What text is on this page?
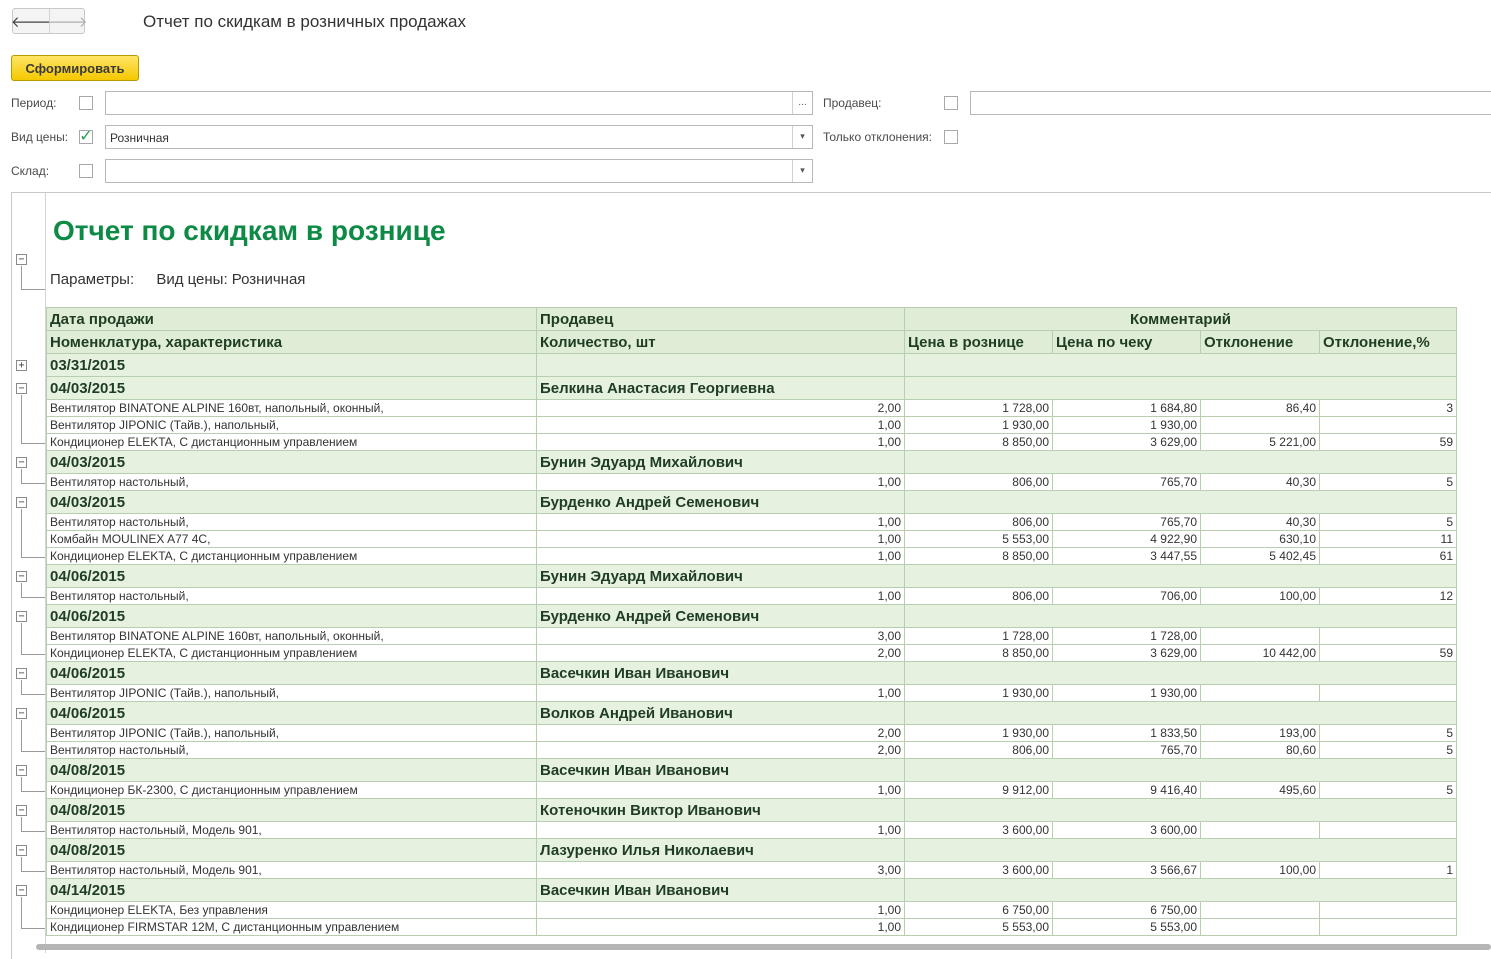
🡐
🡒	Отчет по скидкам в розничных продажах
Сформировать
Период:	...
Вид цены: ✓	Розничная	▾
Склад:	▾
Продавец:
Только отклонения:
Отчет по скидкам в рознице
Параметры: Вид цены: Розничная
−
+
−
−
−
−
−
−
−
−
−
−
−
Дата продажи	Продавец	Комментарий			
Номенклатура, характеристика	Количество, шт	Цена в рознице	Цена по чеку	Отклонение	Отклонение,%
03/31/2015					
04/03/2015	Белкина Анастасия Георгиевна				
Вентилятор BINATONE ALPINE 160вт, напольный, оконный,	2,00	1 728,00	1 684,80	86,40	3
Вентилятор JIPONIC (Тайв.), напольный,	1,00	1 930,00	1 930,00		
Кондиционер ELEKTA, С дистанционным управлением	1,00	8 850,00	3 629,00	5 221,00	59
04/03/2015	Бунин Эдуард Михайлович				
Вентилятор настольный,	1,00	806,00	765,70	40,30	5
04/03/2015	Бурденко Андрей Семенович				
Вентилятор настольный,	1,00	806,00	765,70	40,30	5
Комбайн MOULINEX A77 4C,	1,00	5 553,00	4 922,90	630,10	11
Кондиционер ELEKTA, С дистанционным управлением	1,00	8 850,00	3 447,55	5 402,45	61
04/06/2015	Бунин Эдуард Михайлович				
Вентилятор настольный,	1,00	806,00	706,00	100,00	12
04/06/2015	Бурденко Андрей Семенович				
Вентилятор BINATONE ALPINE 160вт, напольный, оконный,	3,00	1 728,00	1 728,00		
Кондиционер ELEKTA, С дистанционным управлением	2,00	8 850,00	3 629,00	10 442,00	59
04/06/2015	Васечкин Иван Иванович				
Вентилятор JIPONIC (Тайв.), напольный,	1,00	1 930,00	1 930,00		
04/06/2015	Волков Андрей Иванович				
Вентилятор JIPONIC (Тайв.), напольный,	2,00	1 930,00	1 833,50	193,00	5
Вентилятор настольный,	2,00	806,00	765,70	80,60	5
04/08/2015	Васечкин Иван Иванович				
Кондиционер БК-2300, С дистанционным управлением	1,00	9 912,00	9 416,40	495,60	5
04/08/2015	Котеночкин Виктор Иванович				
Вентилятор настольный, Модель 901,	1,00	3 600,00	3 600,00		
04/08/2015	Лазуренко Илья Николаевич				
Вентилятор настольный, Модель 901,	3,00	3 600,00	3 566,67	100,00	1
04/14/2015	Васечкин Иван Иванович				
Кондиционер ELEKTA, Без управления	1,00	6 750,00	6 750,00		
Кондиционер FIRMSTAR 12M, С дистанционным управлением	1,00	5 553,00	5 553,00		
